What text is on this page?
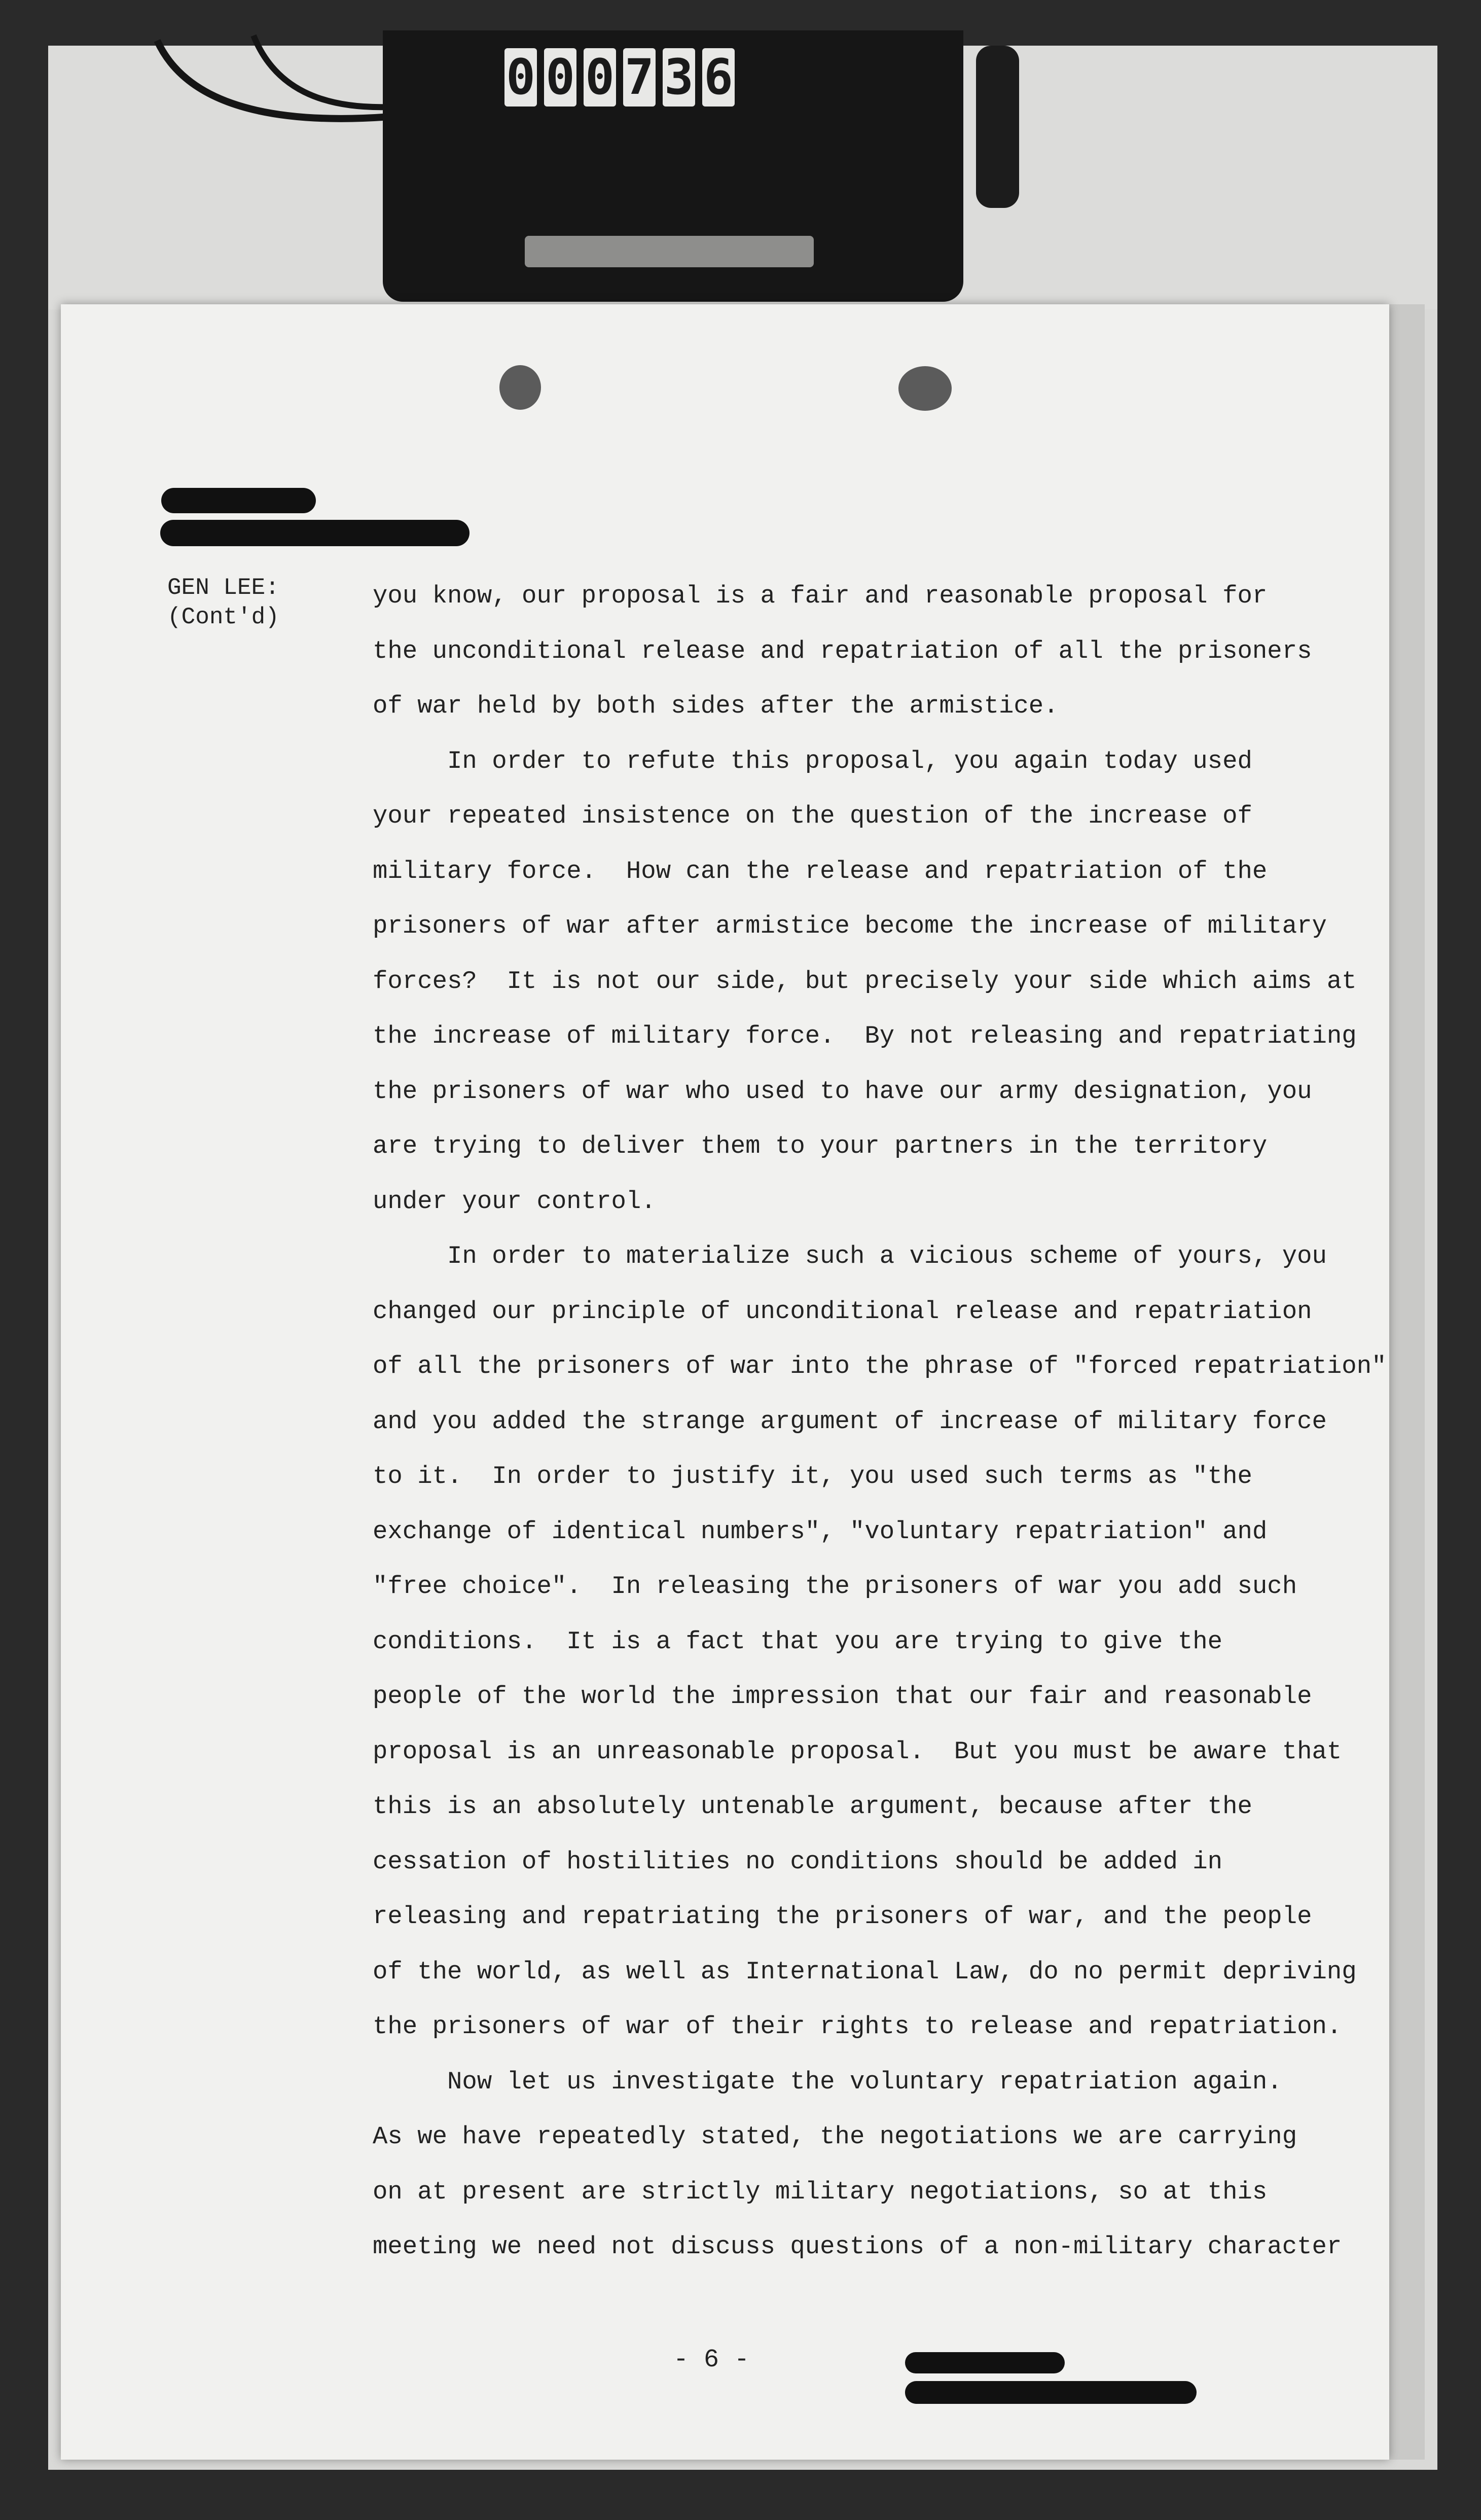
0 0 0 7 3 6
GEN LEE:
(Cont'd)
you know, our proposal is a fair and reasonable proposal for
the unconditional release and repatriation of all the prisoners
of war held by both sides after the armistice.
In order to refute this proposal, you again today used
your repeated insistence on the question of the increase of
military force.  How can the release and repatriation of the
prisoners of war after armistice become the increase of military
forces?  It is not our side, but precisely your side which aims at
the increase of military force.  By not releasing and repatriating
the prisoners of war who used to have our army designation, you
are trying to deliver them to your partners in the territory
under your control.
In order to materialize such a vicious scheme of yours, you
changed our principle of unconditional release and repatriation
of all the prisoners of war into the phrase of "forced repatriation"
and you added the strange argument of increase of military force
to it.  In order to justify it, you used such terms as "the
exchange of identical numbers", "voluntary repatriation" and
"free choice".  In releasing the prisoners of war you add such
conditions.  It is a fact that you are trying to give the
people of the world the impression that our fair and reasonable
proposal is an unreasonable proposal.  But you must be aware that
this is an absolutely untenable argument, because after the
cessation of hostilities no conditions should be added in
releasing and repatriating the prisoners of war, and the people
of the world, as well as International Law, do no permit depriving
the prisoners of war of their rights to release and repatriation.
Now let us investigate the voluntary repatriation again.
As we have repeatedly stated, the negotiations we are carrying
on at present are strictly military negotiations, so at this
meeting we need not discuss questions of a non-military character
- 6 -
